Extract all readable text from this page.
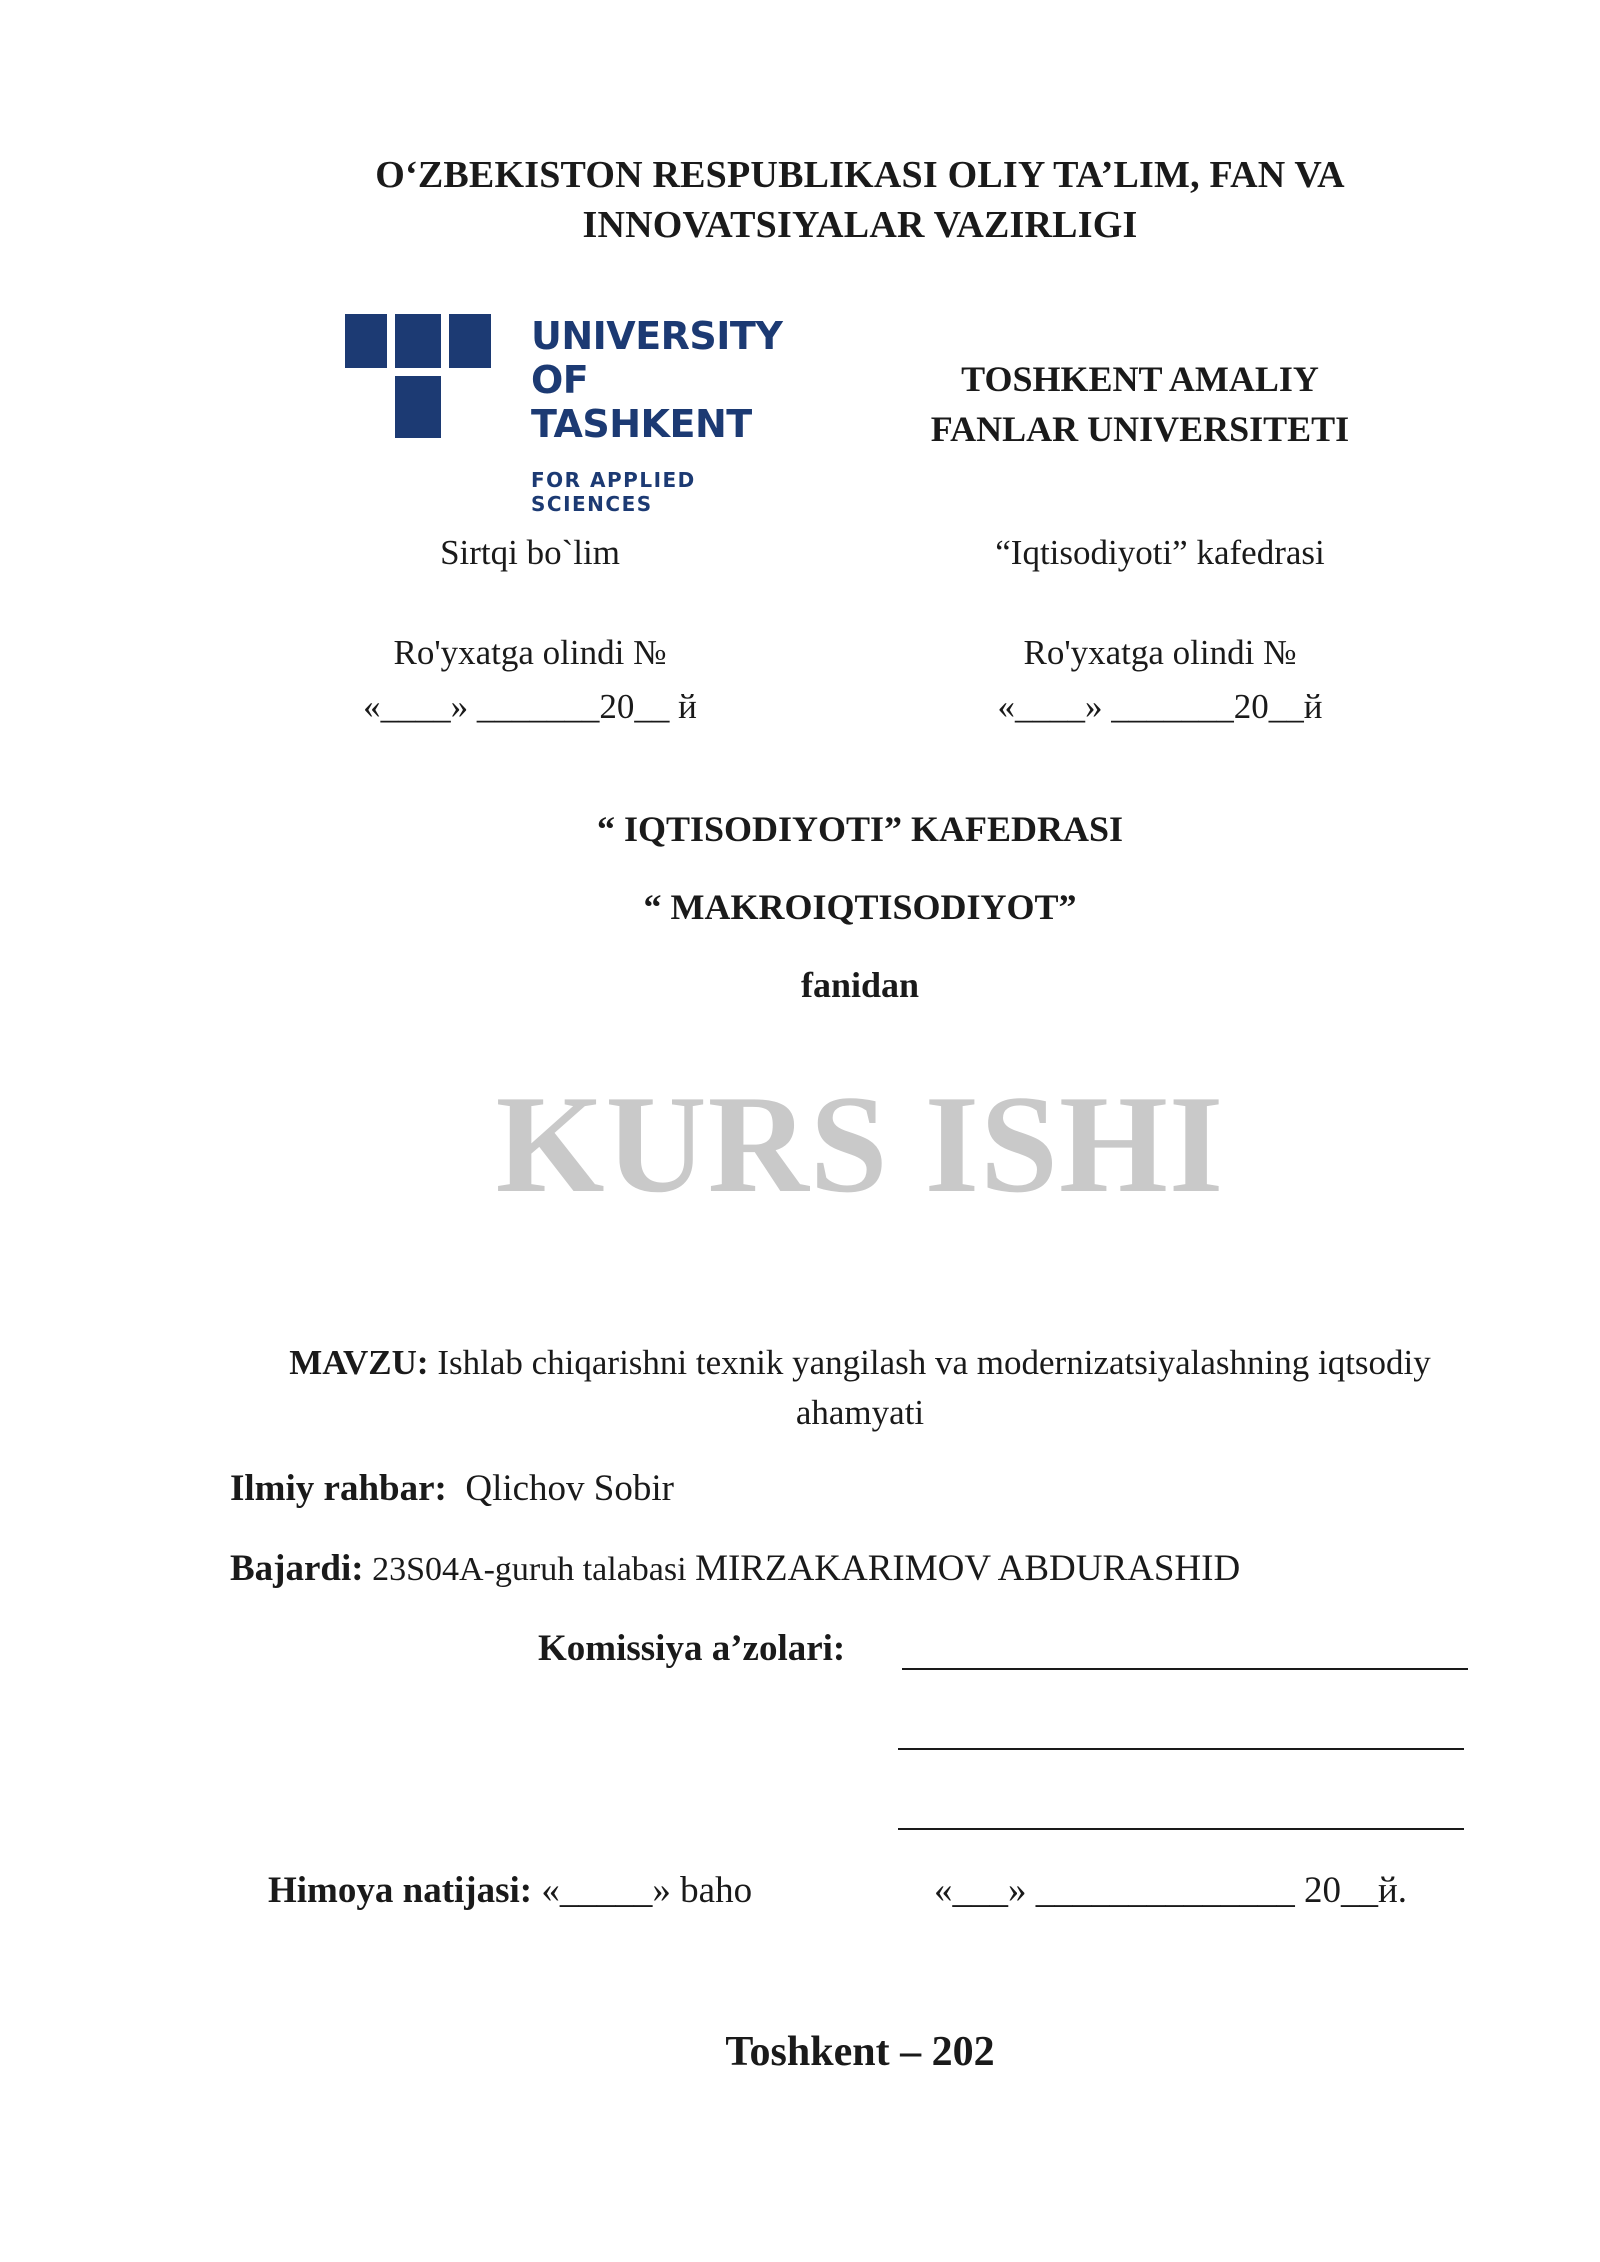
O‘ZBEKISTON RESPUBLIKASI OLIY TA’LIM, FAN VA
INNOVATSIYALAR VAZIRLIGI
UNIVERSITY
OF TASHKENT
FOR APPLIED SCIENCES
TOSHKENT AMALIY
FANLAR UNIVERSITETI
Sirtqi bo`lim
Ro'yxatga olindi №
«____» _______20__ й
“Iqtisodiyoti” kafedrasi
Ro'yxatga olindi №
«____» _______20__й
“ IQTISODIYOTI” KAFEDRASI
“ MAKROIQTISODIYOT”
fanidan
KURS ISHI
MAVZU: Ishlab chiqarishni texnik yangilash va modernizatsiyalashning iqtsodiy
ahamyati
Ilmiy rahbar: Qlichov Sobir
Bajardi: 23S04A-guruh talabasi MIRZAKARIMOV ABDURASHID
Komissiya a’zolari:
Himoya natijasi: «_____» baho	«___» ______________ 20__й.
Toshkent – 202
